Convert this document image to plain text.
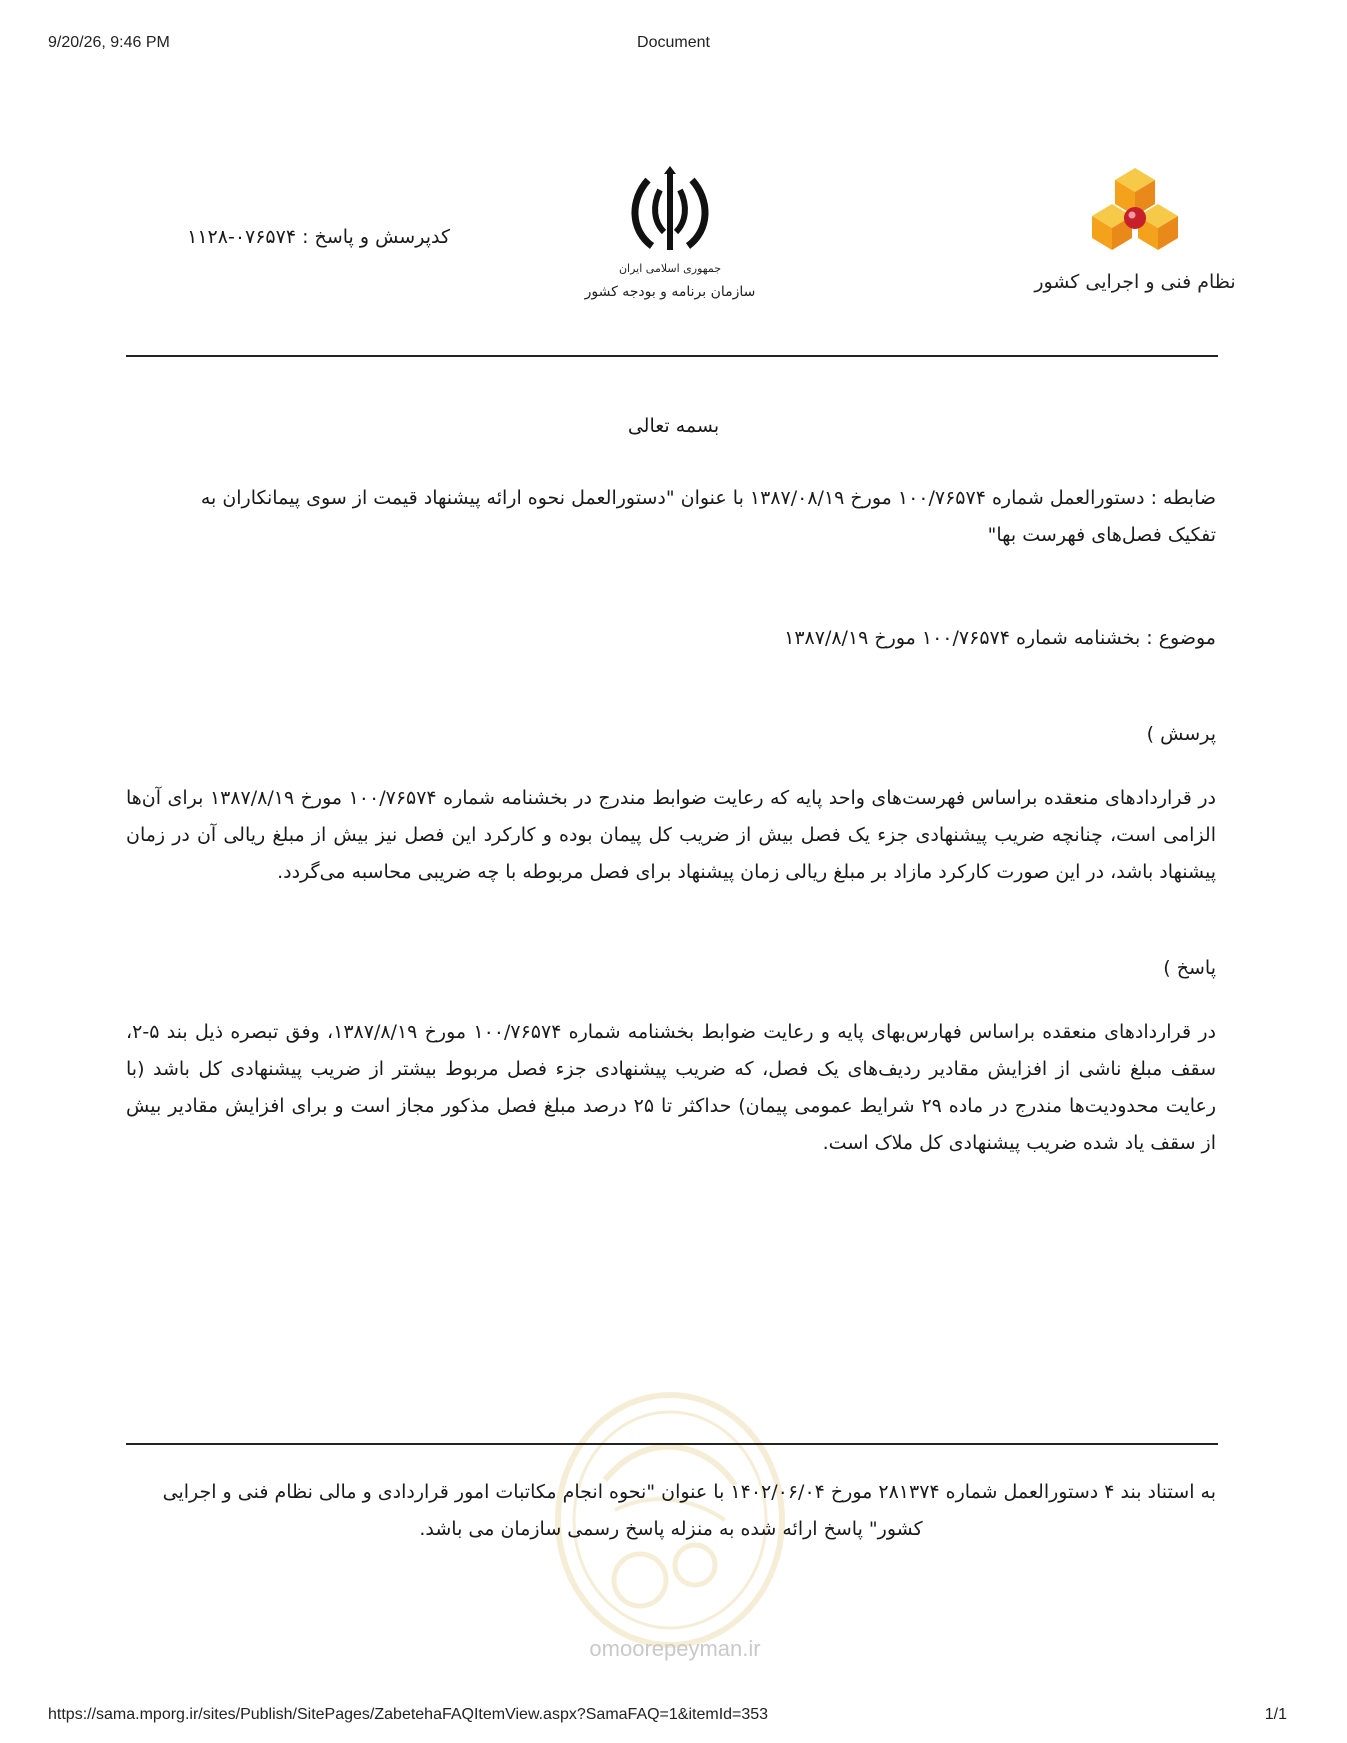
9/20/26, 9:46 PM	Document
نظام فنی و اجرایی کشور
جمهوری اسلامی ایران
سازمان برنامه و بودجه کشور
کدپرسش و پاسخ : ۱۱۲۸-۰۷۶۵۷۴
بسمه تعالی
ضابطه : دستورالعمل شماره ۱۰۰/۷۶۵۷۴ مورخ ۱۳۸۷/۰۸/۱۹ با عنوان "دستورالعمل نحوه ارائه پیشنهاد قیمت از سوی پیمانکاران به تفکیک فصل‌های فهرست بها"
موضوع : بخشنامه شماره ۱۰۰/۷۶۵۷۴ مورخ ۱۳۸۷/۸/۱۹
پرسش )
در قراردادهای منعقده براساس فهرست‌های واحد پایه که رعایت ضوابط مندرج در بخشنامه شماره ۱۰۰/۷۶۵۷۴ مورخ ۱۳۸۷/۸/۱۹ برای آن‌ها الزامی است، چنانچه ضریب پیشنهادی جزء یک فصل بیش از ضریب کل پیمان بوده و کارکرد این فصل نیز بیش از مبلغ ریالی آن در زمان پیشنهاد باشد، در این صورت کارکرد مازاد بر مبلغ ریالی زمان پیشنهاد برای فصل مربوطه با چه ضریبی محاسبه می‌گردد.
پاسخ )
در قراردادهای منعقده براساس فهارس‌بهای پایه و رعایت ضوابط بخشنامه شماره ۱۰۰/۷۶۵۷۴ مورخ ۱۳۸۷/۸/۱۹، وفق تبصره ذیل بند ۵-۲، سقف مبلغ ناشی از افزایش مقادیر ردیف‌های یک فصل، که ضریب پیشنهادی جزء فصل مربوط بیشتر از ضریب پیشنهادی کل باشد (با رعایت محدودیت‌ها مندرج در ماده ۲۹ شرایط عمومی پیمان) حداکثر تا ۲۵ درصد مبلغ فصل مذکور مجاز است و برای افزایش مقادیر بیش از سقف یاد شده ضریب پیشنهادی کل ملاک است.
به استناد بند ۴ دستورالعمل شماره ۲۸۱۳۷۴ مورخ ۱۴۰۲/۰۶/۰۴ با عنوان "نحوه انجام مکاتبات امور قراردادی و مالی نظام فنی و اجرایی
کشور" پاسخ ارائه شده به منزله پاسخ رسمی سازمان می باشد.
omoorepeyman.ir
https://sama.mporg.ir/sites/Publish/SitePages/ZabetehaFAQItemView.aspx?SamaFAQ=1&itemId=353	1/1
